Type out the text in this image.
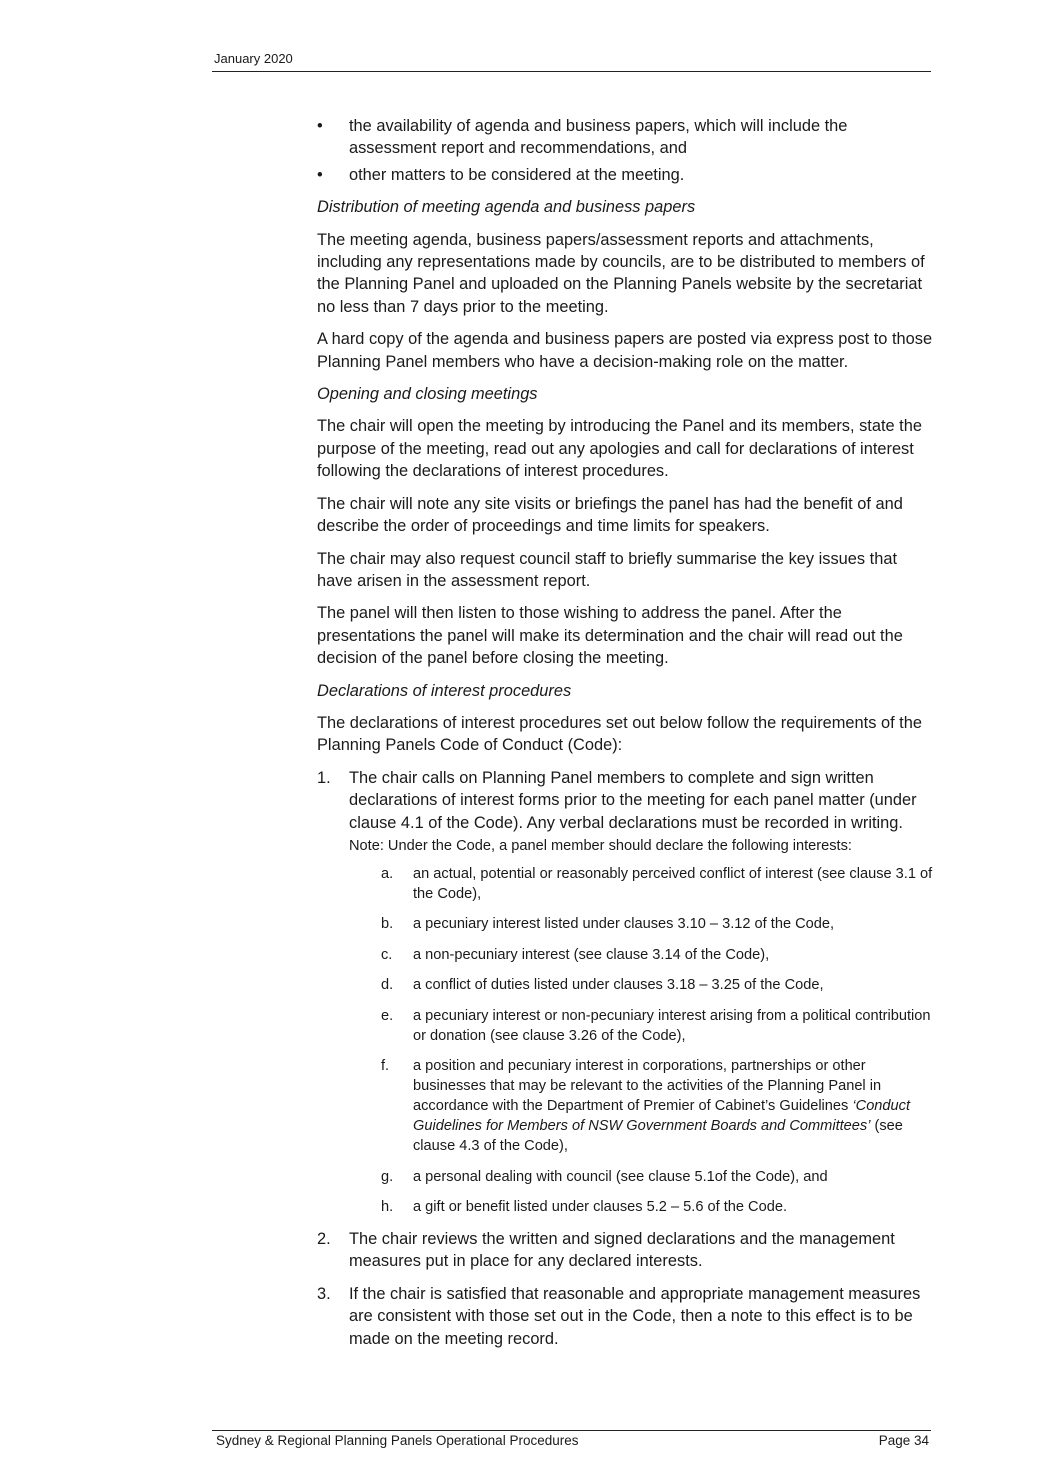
January 2020
•	the availability of agenda and business papers, which will include the assessment report and recommendations, and
•	other matters to be considered at the meeting.
Distribution of meeting agenda and business papers

The meeting agenda, business papers/assessment reports and attachments, including any representations made by councils, are to be distributed to members of the Planning Panel and uploaded on the Planning Panels website by the secretariat no less than 7 days prior to the meeting.

A hard copy of the agenda and business papers are posted via express post to those Planning Panel members who have a decision-making role on the matter.

Opening and closing meetings

The chair will open the meeting by introducing the Panel and its members, state the purpose of the meeting, read out any apologies and call for declarations of interest following the declarations of interest procedures.

The chair will note any site visits or briefings the panel has had the benefit of and describe the order of proceedings and time limits for speakers.

The chair may also request council staff to briefly summarise the key issues that have arisen in the assessment report.

The panel will then listen to those wishing to address the panel. After the presentations the panel will make its determination and the chair will read out the decision of the panel before closing the meeting.

Declarations of interest procedures

The declarations of interest procedures set out below follow the requirements of the Planning Panels Code of Conduct (Code):

1. The chair calls on Planning Panel members to complete and sign written declarations of interest forms prior to the meeting for each panel matter (under clause 4.1 of the Code). Any verbal declarations must be recorded in writing.
Note: Under the Code, a panel member should declare the following interests:
a. an actual, potential or reasonably perceived conflict of interest (see clause 3.1 of the Code),
b. a pecuniary interest listed under clauses 3.10 – 3.12 of the Code,
c. a non-pecuniary interest (see clause 3.14 of the Code),
d. a conflict of duties listed under clauses 3.18 – 3.25 of the Code,
e. a pecuniary interest or non-pecuniary interest arising from a political contribution or donation (see clause 3.26 of the Code),
f. a position and pecuniary interest in corporations, partnerships or other businesses that may be relevant to the activities of the Planning Panel in accordance with the Department of Premier of Cabinet’s Guidelines ‘Conduct Guidelines for Members of NSW Government Boards and Committees’ (see clause 4.3 of the Code),
g. a personal dealing with council (see clause 5.1of the Code), and
h. a gift or benefit listed under clauses 5.2 – 5.6 of the Code.
2. The chair reviews the written and signed declarations and the management measures put in place for any declared interests.
3. If the chair is satisfied that reasonable and appropriate management measures are consistent with those set out in the Code, then a note to this effect is to be made on the meeting record.
Sydney & Regional Planning Panels Operational Procedures	Page 34
